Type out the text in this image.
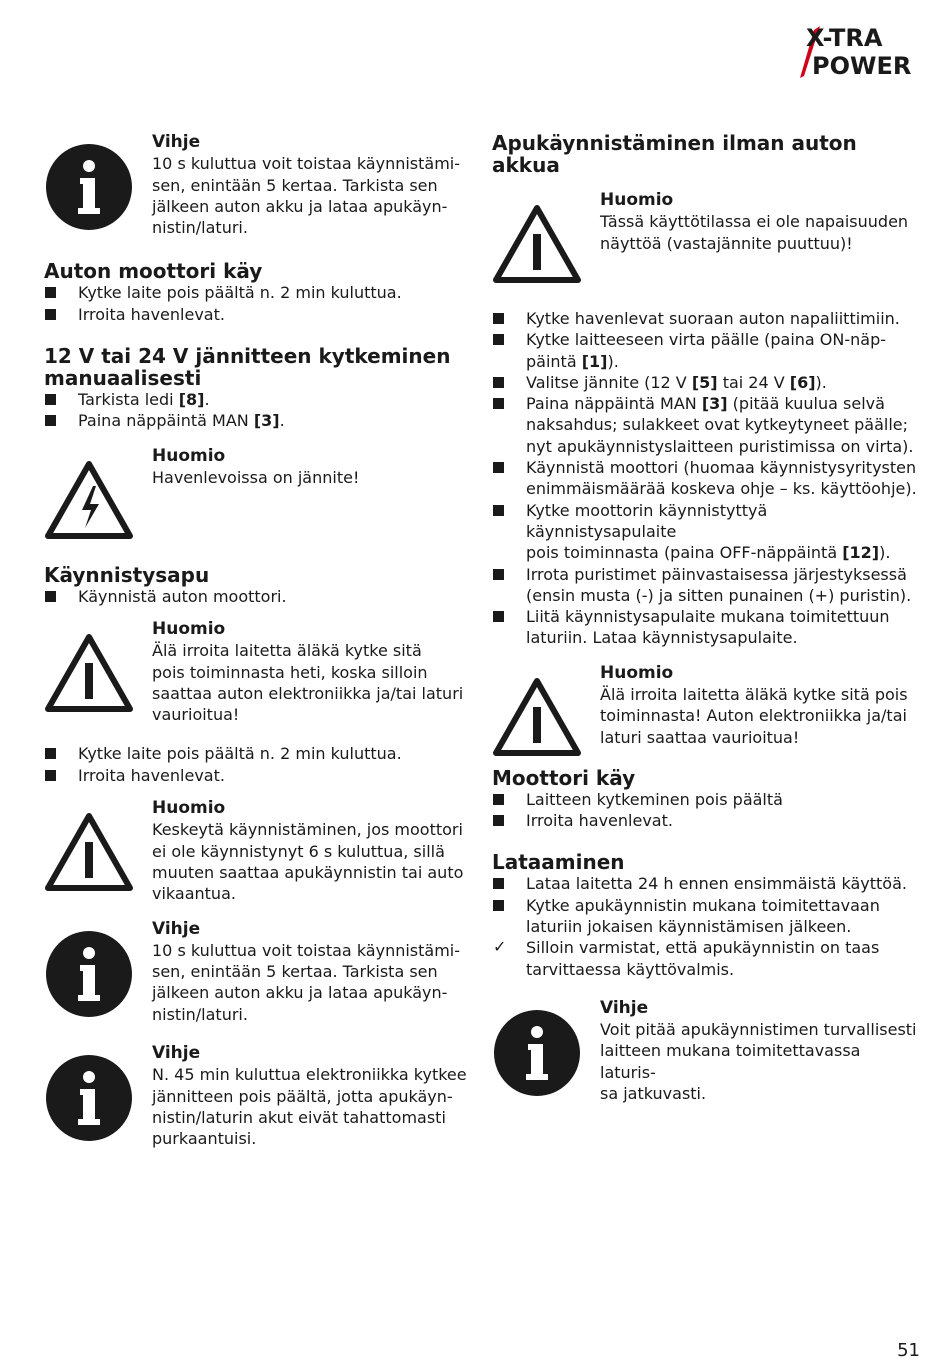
X-TRA
POWER
Vihje
10 s kuluttua voit toistaa käynnistämi-
sen, enintään 5 kertaa. Tarkista sen
jälkeen auton akku ja lataa apukäyn-
nistin/laturi.
Auton moottori käy
Kytke laite pois päältä n. 2 min kuluttua.
Irroita havenlevat.
12 V tai 24 V jännitteen kytkeminen
manuaalisesti
Tarkista ledi [8].
Paina näppäintä MAN [3].
Huomio
Havenlevoissa on jännite!
Käynnistysapu
Käynnistä auton moottori.
Huomio
Älä irroita laitetta äläkä kytke sitä
pois toiminnasta heti, koska silloin
saattaa auton elektroniikka ja/tai laturi
vaurioitua!
Kytke laite pois päältä n. 2 min kuluttua.
Irroita havenlevat.
Huomio
Keskeytä käynnistäminen, jos moottori
ei ole käynnistynyt 6 s kuluttua, sillä
muuten saattaa apukäynnistin tai auto
vikaantua.
Vihje
10 s kuluttua voit toistaa käynnistämi-
sen, enintään 5 kertaa. Tarkista sen
jälkeen auton akku ja lataa apukäyn-
nistin/laturi.
Vihje
N. 45 min kuluttua elektroniikka kytkee
jännitteen pois päältä, jotta apukäyn-
nistin/laturin akut eivät tahattomasti
purkaantuisi.
Apukäynnistäminen ilman auton
akkua
Huomio
Tässä käyttötilassa ei ole napaisuuden
näyttöä (vastajännite puuttuu)!
Kytke havenlevat suoraan auton napaliittimiin.
Kytke laitteeseen virta päälle (paina ON-näp-
päintä [1]).
Valitse jännite (12 V [5] tai 24 V [6]).
Paina näppäintä MAN [3] (pitää kuulua selvä
naksahdus; sulakkeet ovat kytkeytyneet päälle;
nyt apukäynnistyslaitteen puristimissa on virta).
Käynnistä moottori (huomaa käynnistysyritysten
enimmäismäärää koskeva ohje – ks. käyttöohje).
Kytke moottorin käynnistyttyä käynnistysapulaite
pois toiminnasta (paina OFF-näppäintä [12]).
Irrota puristimet päinvastaisessa järjestyksessä
(ensin musta (-) ja sitten punainen (+) puristin).
Liitä käynnistysapulaite mukana toimitettuun
laturiin. Lataa käynnistysapulaite.
Huomio
Älä irroita laitetta äläkä kytke sitä pois
toiminnasta! Auton elektroniikka ja/tai
laturi saattaa vaurioitua!
Moottori käy
Laitteen kytkeminen pois päältä
Irroita havenlevat.
Lataaminen
Lataa laitetta 24 h ennen ensimmäistä käyttöä.
Kytke apukäynnistin mukana toimitettavaan
laturiin jokaisen käynnistämisen jälkeen.
✓ Silloin varmistat, että apukäynnistin on taas
tarvittaessa käyttövalmis.
Vihje
Voit pitää apukäynnistimen turvallisesti
laitteen mukana toimitettavassa laturis-
sa jatkuvasti.
51
